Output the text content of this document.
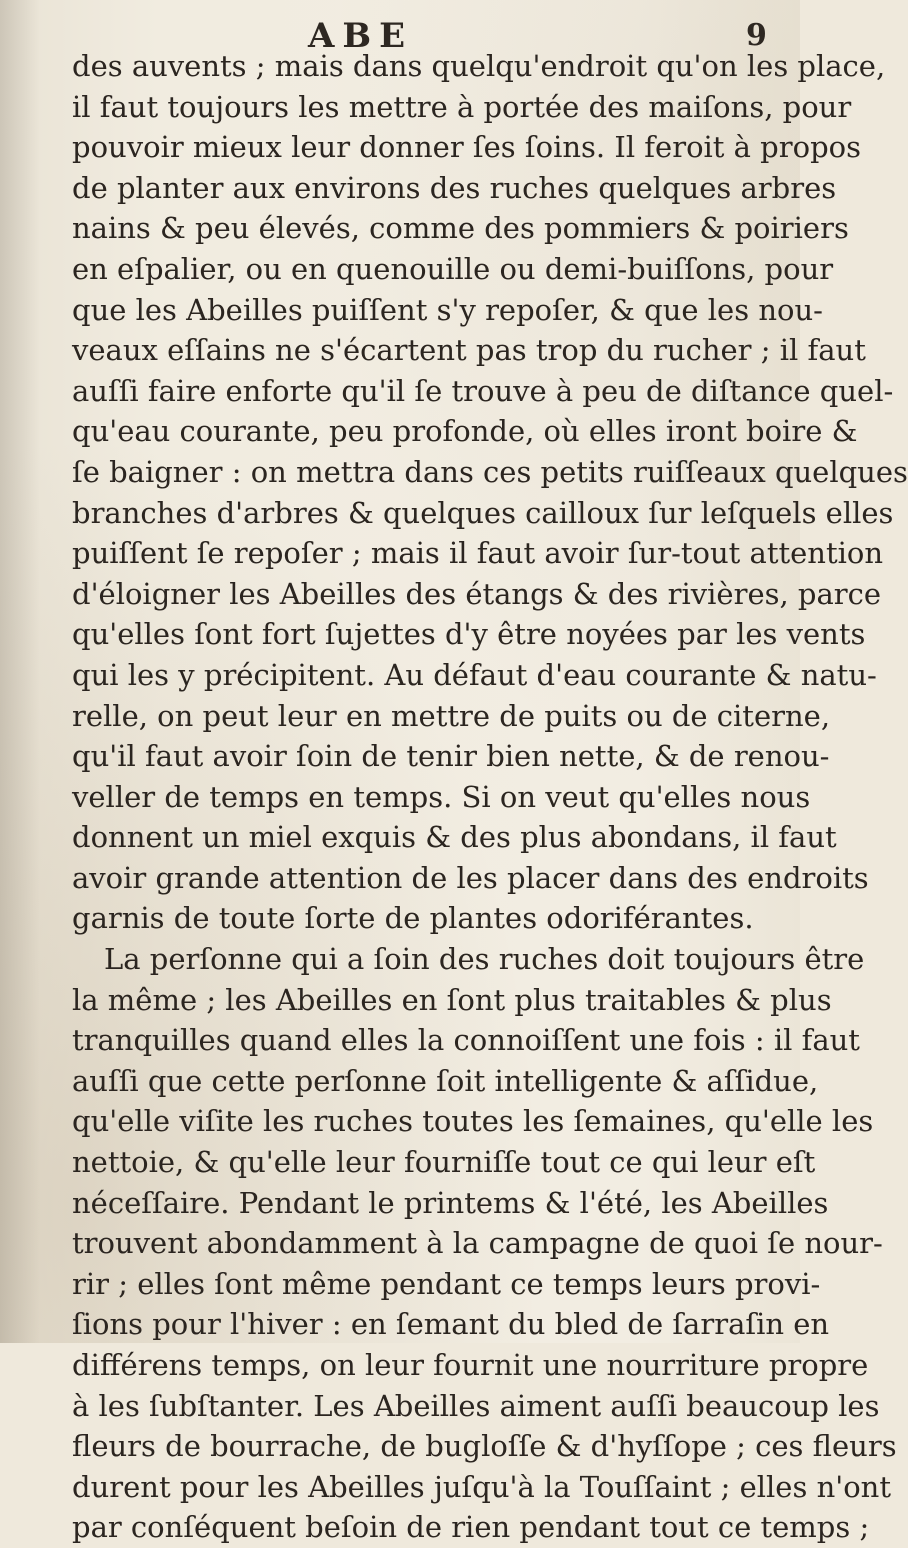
ABE	9
des auvents ; mais dans quelqu'endroit qu'on les place,
il faut toujours les mettre à portée des maiſons, pour
pouvoir mieux leur donner ſes ſoins. Il feroit à propos
de planter aux environs des ruches quelques arbres
nains & peu élevés, comme des pommiers & poiriers
en eſpalier, ou en quenouille ou demi-buiſſons, pour
que les Abeilles puiſſent s'y repoſer, & que les nou-
veaux eſſains ne s'écartent pas trop du rucher ; il faut
auſſi faire enforte qu'il ſe trouve à peu de diſtance quel-
qu'eau courante, peu profonde, où elles iront boire &
ſe baigner : on mettra dans ces petits ruiſſeaux quelques
branches d'arbres & quelques cailloux ſur leſquels elles
puiſſent ſe repoſer ; mais il faut avoir ſur-tout attention
d'éloigner les Abeilles des étangs & des rivières, parce
qu'elles ſont fort ſujettes d'y être noyées par les vents
qui les y précipitent. Au défaut d'eau courante & natu-
relle, on peut leur en mettre de puits ou de citerne,
qu'il faut avoir ſoin de tenir bien nette, & de renou-
veller de temps en temps. Si on veut qu'elles nous
donnent un miel exquis & des plus abondans, il faut
avoir grande attention de les placer dans des endroits
garnis de toute ſorte de plantes odoriférantes.
La perſonne qui a ſoin des ruches doit toujours être
la même ; les Abeilles en ſont plus traitables & plus
tranquilles quand elles la connoiſſent une fois : il faut
auſſi que cette perſonne ſoit intelligente & aſſidue,
qu'elle viſite les ruches toutes les ſemaines, qu'elle les
nettoie, & qu'elle leur fourniſſe tout ce qui leur eſt
néceſſaire. Pendant le printems & l'été, les Abeilles
trouvent abondamment à la campagne de quoi ſe nour-
rir ; elles ſont même pendant ce temps leurs provi-
ſions pour l'hiver : en ſemant du bled de ſarraſin en
différens temps, on leur fournit une nourriture propre
à les ſubſtanter. Les Abeilles aiment auſſi beaucoup les
fleurs de bourrache, de bugloſſe & d'hyſſope ; ces fleurs
durent pour les Abeilles juſqu'à la Touſſaint ; elles n'ont
par conſéquent beſoin de rien pendant tout ce temps ;
